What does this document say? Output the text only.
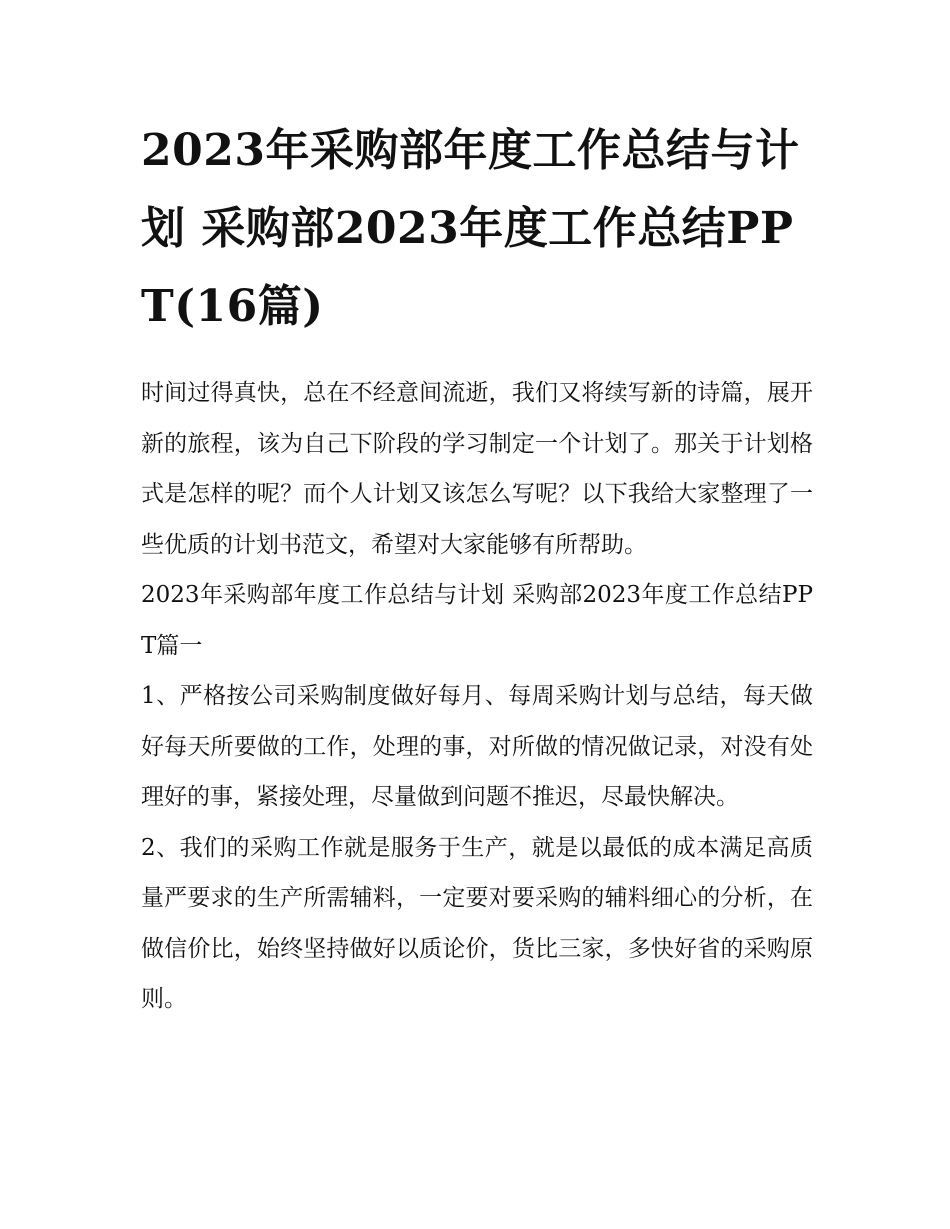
2023年采购部年度工作总结与计划 采购部2023年度工作总结PPT(16篇)

时间过得真快，总在不经意间流逝，我们又将续写新的诗篇，展开新的旅程，该为自己下阶段的学习制定一个计划了。那关于计划格式是怎样的呢？而个人计划又该怎么写呢？以下我给大家整理了一些优质的计划书范文，希望对大家能够有所帮助。

2023年采购部年度工作总结与计划 采购部2023年度工作总结PPT篇一

1、严格按公司采购制度做好每月、每周采购计划与总结，每天做好每天所要做的工作，处理的事，对所做的情况做记录，对没有处理好的事，紧接处理，尽量做到问题不推迟，尽最快解决。

2、我们的采购工作就是服务于生产，就是以最低的成本满足高质量严要求的生产所需辅料，一定要对要采购的辅料细心的分析，在做信价比，始终坚持做好以质论价，货比三家，多快好省的采购原则。
